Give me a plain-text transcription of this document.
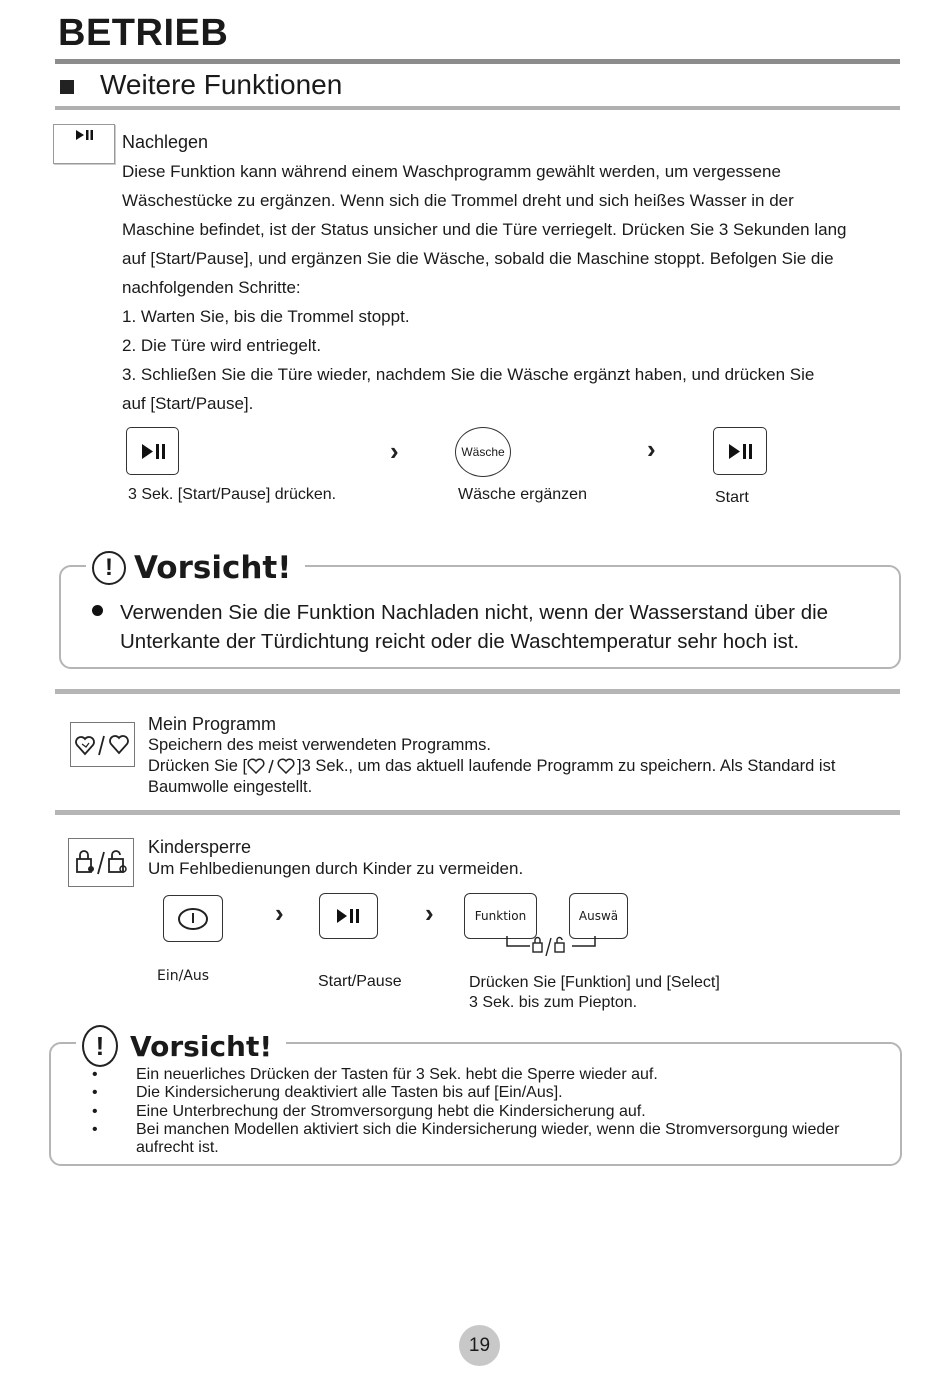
BETRIEB
Weitere Funktionen
Nachlegen
Diese Funktion kann während einem Waschprogramm gewählt werden, um vergessene
Wäschestücke zu ergänzen. Wenn sich die Trommel dreht und sich heißes Wasser in der
Maschine befindet, ist der Status unsicher und die Türe verriegelt. Drücken Sie 3 Sekunden lang
auf [Start/Pause], und ergänzen Sie die Wäsche, sobald die Maschine stoppt. Befolgen Sie die
nachfolgenden Schritte:
1. Warten Sie, bis die Trommel stoppt.
2. Die Türe wird entriegelt.
3. Schließen Sie die Türe wieder, nachdem Sie die Wäsche ergänzt haben, und drücken Sie
auf [Start/Pause].
3 Sek. [Start/Pause] drücken.
›	Wäsche
Wäsche ergänzen
›
Start
! Vorsicht!
Verwenden Sie die Funktion Nachladen nicht, wenn der Wasserstand über die
Unterkante der Türdichtung reicht oder die Waschtemperatur sehr hoch ist.
Mein Programm
Speichern des meist verwendeten Programms.
Drücken Sie [	]3 Sek., um das aktuell laufende Programm zu speichern. Als Standard ist
Baumwolle eingestellt.
Kindersperre
Um Fehlbedienungen durch Kinder zu vermeiden.
Ein/Aus
›
Start/Pause
›	Funktion	Auswä
Drücken Sie [Funktion] und [Select]
3 Sek. bis zum Piepton.
! Vorsicht!
•	Ein neuerliches Drücken der Tasten für 3 Sek. hebt die Sperre wieder auf.
•	Die Kindersicherung deaktiviert alle Tasten bis auf [Ein/Aus].
•	Eine Unterbrechung der Stromversorgung hebt die Kindersicherung auf.
•	Bei manchen Modellen aktiviert sich die Kindersicherung wieder, wenn die Stromversorgung wieder
aufrecht ist.
19
